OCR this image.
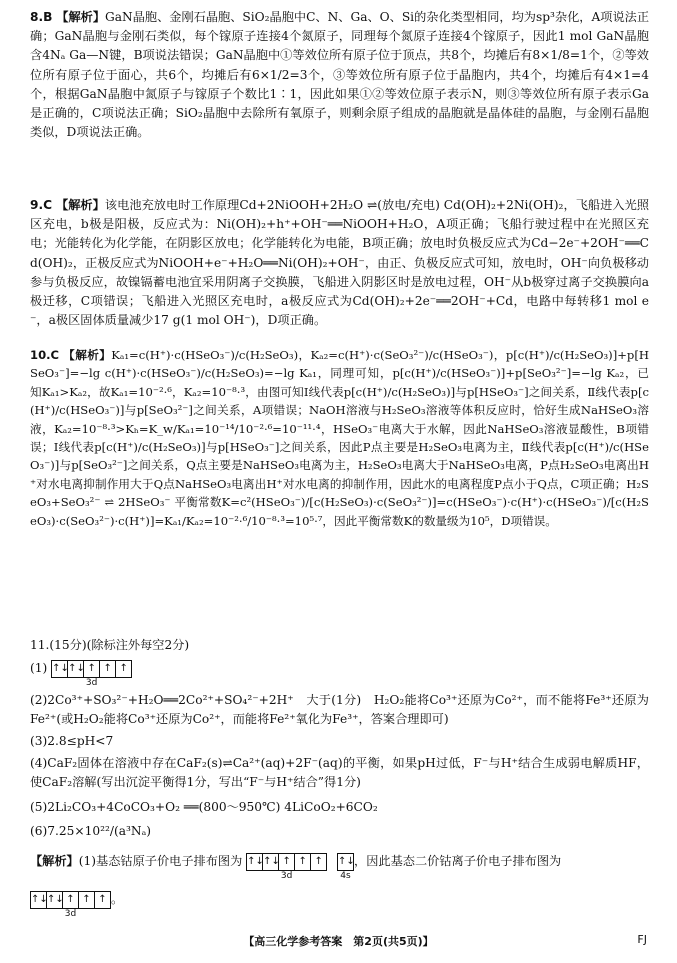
8.B 【解析】GaN晶胞、金刚石晶胞、SiO₂晶胞中C、N、Ga、O、Si的杂化类型相同，均为sp³杂化，A项说法正确；GaN晶胞与金刚石类似，每个镓原子连接4个氮原子，同理每个氮原子连接4个镓原子，因此1 mol GaN晶胞含4Nₐ Ga—N键，B项说法错误；GaN晶胞中①等效位所有原子位于顶点，共8个，均摊后有8×1/8=1个，②等效位所有原子位于面心，共6个，均摊后有6×1/2=3个，③等效位所有原子位于晶胞内，共4个，均摊后有4×1=4个，根据GaN晶胞中氮原子与镓原子个数比1∶1，因此如果①②等效位原子表示N，则③等效位所有原子表示Ga是正确的，C项说法正确；SiO₂晶胞中去除所有氧原子，则剩余原子组成的晶胞就是晶体硅的晶胞，与金刚石晶胞类似，D项说法正确。
9.C 【解析】该电池充放电时工作原理Cd+2NiOOH+2H₂O ⇌(放电/充电) Cd(OH)₂+2Ni(OH)₂，飞船进入光照区充电，b极是阳极，反应式为：Ni(OH)₂+h⁺+OH⁻══NiOOH+H₂O，A项正确；飞船行驶过程中在光照区充电；光能转化为化学能，在阴影区放电；化学能转化为电能，B项正确；放电时负极反应式为Cd−2e⁻+2OH⁻══Cd(OH)₂，正极反应式为NiOOH+e⁻+H₂O══Ni(OH)₂+OH⁻，由正、负极反应式可知，放电时，OH⁻向负极移动参与负极反应，故镍镉蓄电池宜采用阴离子交换膜，飞船进入阴影区时是放电过程，OH⁻从b极穿过离子交换膜向a极迁移，C项错误；飞船进入光照区充电时，a极反应式为Cd(OH)₂+2e⁻══2OH⁻+Cd，电路中每转移1 mol e⁻，a极区固体质量减少17 g(1 mol OH⁻)，D项正确。
10.C 【解析】Kₐ₁=c(H⁺)·c(HSeO₃⁻)/c(H₂SeO₃)，Kₐ₂=c(H⁺)·c(SeO₃²⁻)/c(HSeO₃⁻)，p[c(H⁺)/c(H₂SeO₃)]+p[HSeO₃⁻]=−lg c(H⁺)·c(HSeO₃⁻)/c(H₂SeO₃)=−lg Kₐ₁，同理可知，p[c(H⁺)/c(HSeO₃⁻)]+p[SeO₃²⁻]=−lg Kₐ₂，已知Kₐ₁>Kₐ₂，故Kₐ₁=10⁻²·⁶，Kₐ₂=10⁻⁸·³，由图可知Ⅰ线代表p[c(H⁺)/c(H₂SeO₃)]与p[HSeO₃⁻]之间关系，Ⅱ线代表p[c(H⁺)/c(HSeO₃⁻)]与p[SeO₃²⁻]之间关系，A项错误；NaOH溶液与H₂SeO₃溶液等体积反应时，恰好生成NaHSeO₃溶液，Kₐ₂=10⁻⁸·³>Kₕ=K_w/Kₐ₁=10⁻¹⁴/10⁻²·⁶=10⁻¹¹·⁴，HSeO₃⁻电离大于水解，因此NaHSeO₃溶液显酸性，B项错误；Ⅰ线代表p[c(H⁺)/c(H₂SeO₃)]与p[HSeO₃⁻]之间关系，因此P点主要是H₂SeO₃电离为主，Ⅱ线代表p[c(H⁺)/c(HSeO₃⁻)]与p[SeO₃²⁻]之间关系，Q点主要是NaHSeO₃电离为主，H₂SeO₃电离大于NaHSeO₃电离，P点H₂SeO₃电离出H⁺对水电离抑制作用大于Q点NaHSeO₃电离出H⁺对水电离的抑制作用，因此水的电离程度P点小于Q点，C项正确；H₂SeO₃+SeO₃²⁻ ⇌ 2HSeO₃⁻ 平衡常数K=c²(HSeO₃⁻)/[c(H₂SeO₃)·c(SeO₃²⁻)]=c(HSeO₃⁻)·c(H⁺)·c(HSeO₃⁻)/[c(H₂SeO₃)·c(SeO₃²⁻)·c(H⁺)]=Kₐ₁/Kₐ₂=10⁻²·⁶/10⁻⁸·³=10⁵·⁷，因此平衡常数K的数量级为10⁵，D项错误。
11.(15分)(除标注外每空2分)
(1) ↑↓ ↑↓ ↑ ↑ ↑
3d
(2)2Co³⁺+SO₃²⁻+H₂O══2Co²⁺+SO₄²⁻+2H⁺　大于(1分)　H₂O₂能将Co³⁺还原为Co²⁺，而不能将Fe³⁺还原为Fe²⁺(或H₂O₂能将Co³⁺还原为Co²⁺，而能将Fe²⁺氧化为Fe³⁺，答案合理即可)
(3)2.8≤pH<7
(4)CaF₂固体在溶液中存在CaF₂(s)⇌Ca²⁺(aq)+2F⁻(aq)的平衡，如果pH过低，F⁻与H⁺结合生成弱电解质HF，使CaF₂溶解(写出沉淀平衡得1分，写出“F⁻与H⁺结合”得1分)
(5)2Li₂CO₃+4CoCO₃+O₂ ══(800～950℃) 4LiCoO₂+6CO₂
(6)7.25×10²²/(a³Nₐ)
【解析】(1)基态钴原子价电子排布图为 ↑↓ ↑↓ ↑ ↑ ↑
3d

↑↓
4s
，因此基态二价钴离子价电子排布图为
↑↓ ↑↓ ↑ ↑ ↑
3d
。
【高三化学参考答案　第2页(共5页)】	FJ
